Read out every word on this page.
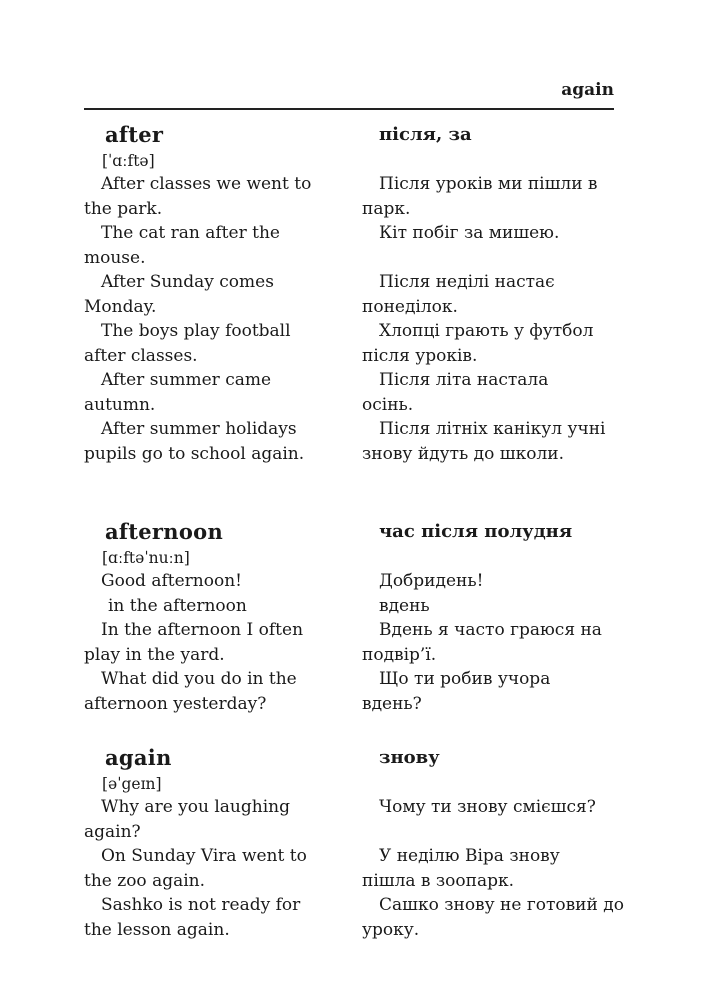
again
after
[ˈɑːftə]

After classes we went to the park.

The cat ran after the mouse.

After Sunday comes Monday.

The boys play football after classes.

After summer came autumn.

After summer holidays pupils go to school again.

після, за

Після уроків ми пішли в парк.

Кіт побіг за мишею.

Після неділі настає понеділок.

Хлопці грають у футбол після уроків.

Після літа настала осінь.

Після літніх канікул учні знову йдуть до школи.

afternoon
[ɑːftəˈnuːn]

Good afternoon!

in the afternoon

In the afternoon I often play in the yard.

What did you do in the afternoon yesterday?

час після полудня

Добридень!

вдень

Вдень я часто граюся на подвір’ї.

Що ти робив учора вдень?

again
[əˈgeɪn]

Why are you laughing again?

On Sunday Vira went to the zoo again.

Sashko is not ready for the lesson again.

знову

Чому ти знову смієшся?

У неділю Віра знову пішла в зоопарк.

Сашко знову не готовий до уроку.
